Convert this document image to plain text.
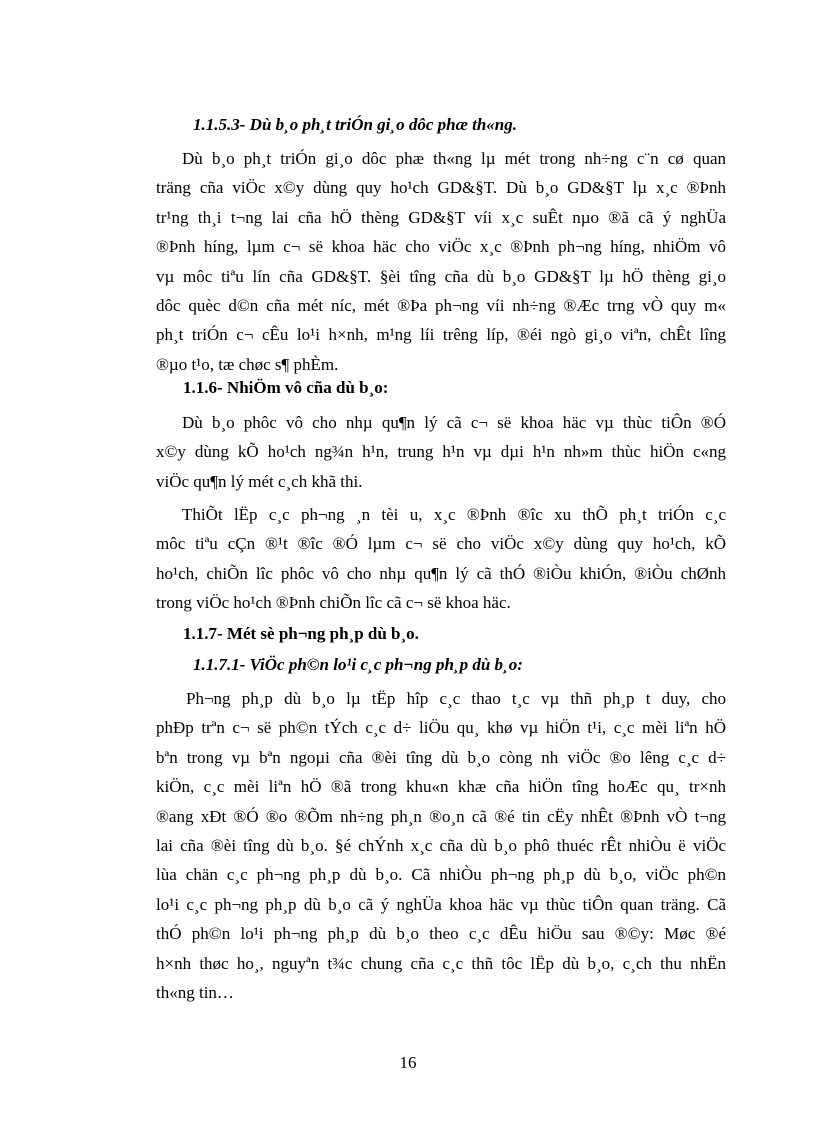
1.1.5.3- Dù b¸o ph¸t triÓn gi¸o dôc phæ th«ng.
Dù b¸o ph¸t triÓn gi¸o dôc phæ th«ng lµ mét trong nh÷ng c¨n cø quan
träng cña viÖc x©y dùng quy ho¹ch GD&§T. Dù b¸o GD&§T lµ x¸c ®Þnh
tr¹ng th¸i t¬ng lai cña hÖ thèng GD&§T víi x¸c suÊt nµo ®ã cã ý nghÜa
®Þnh híng, lµm c¬ së khoa häc cho viÖc x¸c ®Þnh ph¬ng híng, nhiÖm vô
vµ môc tiªu lín cña GD&§T. §èi tîng cña dù b¸o GD&§T lµ hÖ thèng gi¸o
dôc quèc d©n cña mét níc, mét ®Þa ph¬ng víi nh÷ng ®Æc trng vÒ quy m«
ph¸t triÓn c¬ cÊu lo¹i h×nh, m¹ng líi trêng líp, ®éi ngò gi¸o viªn, chÊt lîng
®µo t¹o, tæ chøc s¶ phÈm.
1.1.6- NhiÖm vô cña dù b¸o:
Dù b¸o phôc vô cho nhµ qu¶n lý cã c¬ së khoa häc vµ thùc tiÔn ®Ó
x©y dùng kÕ ho¹ch ng¾n h¹n, trung h¹n vµ dµi h¹n nh»m thùc hiÖn c«ng
viÖc qu¶n lý mét c¸ch khã thi.
ThiÕt lËp c¸c ph¬ng ¸n tèi u, x¸c ®Þnh ®îc xu thÕ ph¸t triÓn c¸c
môc tiªu cÇn ®¹t ®îc ®Ó lµm c¬ së cho viÖc x©y dùng quy ho¹ch, kÕ
ho¹ch, chiÕn lîc phôc vô cho nhµ qu¶n lý cã thÓ ®iÒu khiÓn, ®iÒu chØnh
trong viÖc ho¹ch ®Þnh chiÕn lîc cã c¬ së khoa häc.
1.1.7- Mét sè ph¬ng ph¸p dù b¸o.
1.1.7.1- ViÖc ph©n lo¹i c¸c ph¬ng ph¸p dù b¸o:
Ph¬ng ph¸p dù b¸o lµ tËp hîp c¸c thao t¸c vµ thñ ph¸p t duy, cho
phÐp trªn c¬ së ph©n tÝch c¸c d÷ liÖu qu¸ khø vµ hiÖn t¹i, c¸c mèi liªn hÖ
bªn trong vµ bªn ngoµi cña ®èi tîng dù b¸o còng nh viÖc ®o lêng c¸c d÷
kiÖn, c¸c mèi liªn hÖ ®ã trong khu«n khæ cña hiÖn tîng hoÆc qu¸ tr×nh
®ang xÐt ®Ó ®o ®Õm nh÷ng ph¸n ®o¸n cã ®é tin cËy nhÊt ®Þnh vÒ t¬ng
lai cña ®èi tîng dù b¸o. §é chÝnh x¸c cña dù b¸o phô thuéc rÊt nhiÒu ë viÖc
lùa chän c¸c ph¬ng ph¸p dù b¸o. Cã nhiÒu ph¬ng ph¸p dù b¸o, viÖc ph©n
lo¹i c¸c ph¬ng ph¸p dù b¸o cã ý nghÜa khoa häc vµ thùc tiÔn quan träng. Cã
thÓ ph©n lo¹i ph¬ng ph¸p dù b¸o theo c¸c dÊu hiÖu sau ®©y: Møc ®é
h×nh thøc ho¸, nguyªn t¾c chung cña c¸c thñ tôc lËp dù b¸o, c¸ch thu nhËn
th«ng tin…
16
